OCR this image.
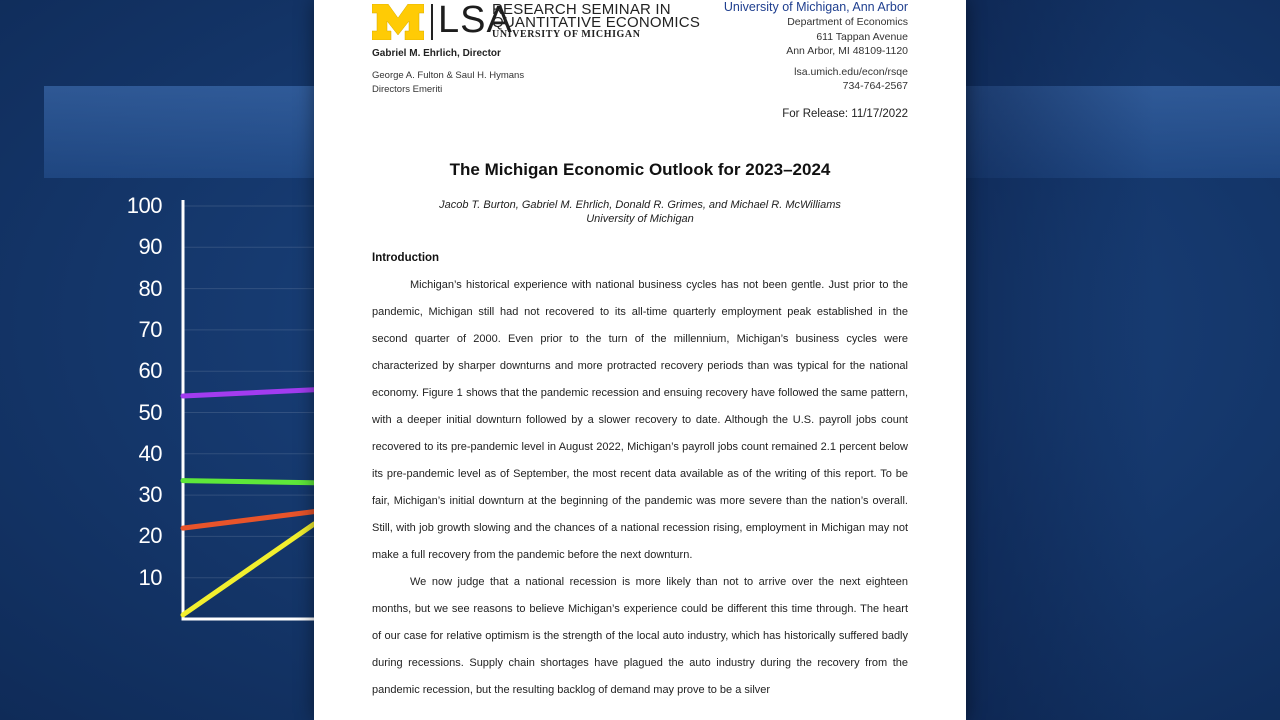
100
90
80
70
60
50
40
30
20
10
LSA
RESEARCH SEMINAR IN
QUANTITATIVE ECONOMICS
UNIVERSITY OF MICHIGAN
Gabriel M. Ehrlich, Director
George A. Fulton & Saul H. Hymans
Directors Emeriti
University of Michigan, Ann Arbor
Department of Economics
611 Tappan Avenue
Ann Arbor, MI 48109-1120
lsa.umich.edu/econ/rsqe
734-764-2567
For Release: 11/17/2022
The Michigan Economic Outlook for 2023–2024
Jacob T. Burton, Gabriel M. Ehrlich, Donald R. Grimes, and Michael R. McWilliams
University of Michigan
Introduction

Michigan’s historical experience with national business cycles has not been gentle. Just prior to the pandemic, Michigan still had not recovered to its all-time quarterly employment peak established in the second quarter of 2000. Even prior to the turn of the millennium, Michigan’s business cycles were characterized by sharper downturns and more protracted recovery periods than was typical for the national economy. Figure 1 shows that the pandemic recession and ensuing recovery have followed the same pattern, with a deeper initial downturn followed by a slower recovery to date. Although the U.S. payroll jobs count recovered to its pre-pandemic level in August 2022, Michigan’s payroll jobs count remained 2.1 percent below its pre-pandemic level as of September, the most recent data available as of the writing of this report. To be fair, Michigan’s initial downturn at the beginning of the pandemic was more severe than the nation’s overall. Still, with job growth slowing and the chances of a national recession rising, employment in Michigan may not make a full recovery from the pandemic before the next downturn.

We now judge that a national recession is more likely than not to arrive over the next eighteen months, but we see reasons to believe Michigan’s experience could be different this time through. The heart of our case for relative optimism is the strength of the local auto industry, which has historically suffered badly during recessions. Supply chain shortages have plagued the auto industry during the recovery from the pandemic recession, but the resulting backlog of demand may prove to be a silver
